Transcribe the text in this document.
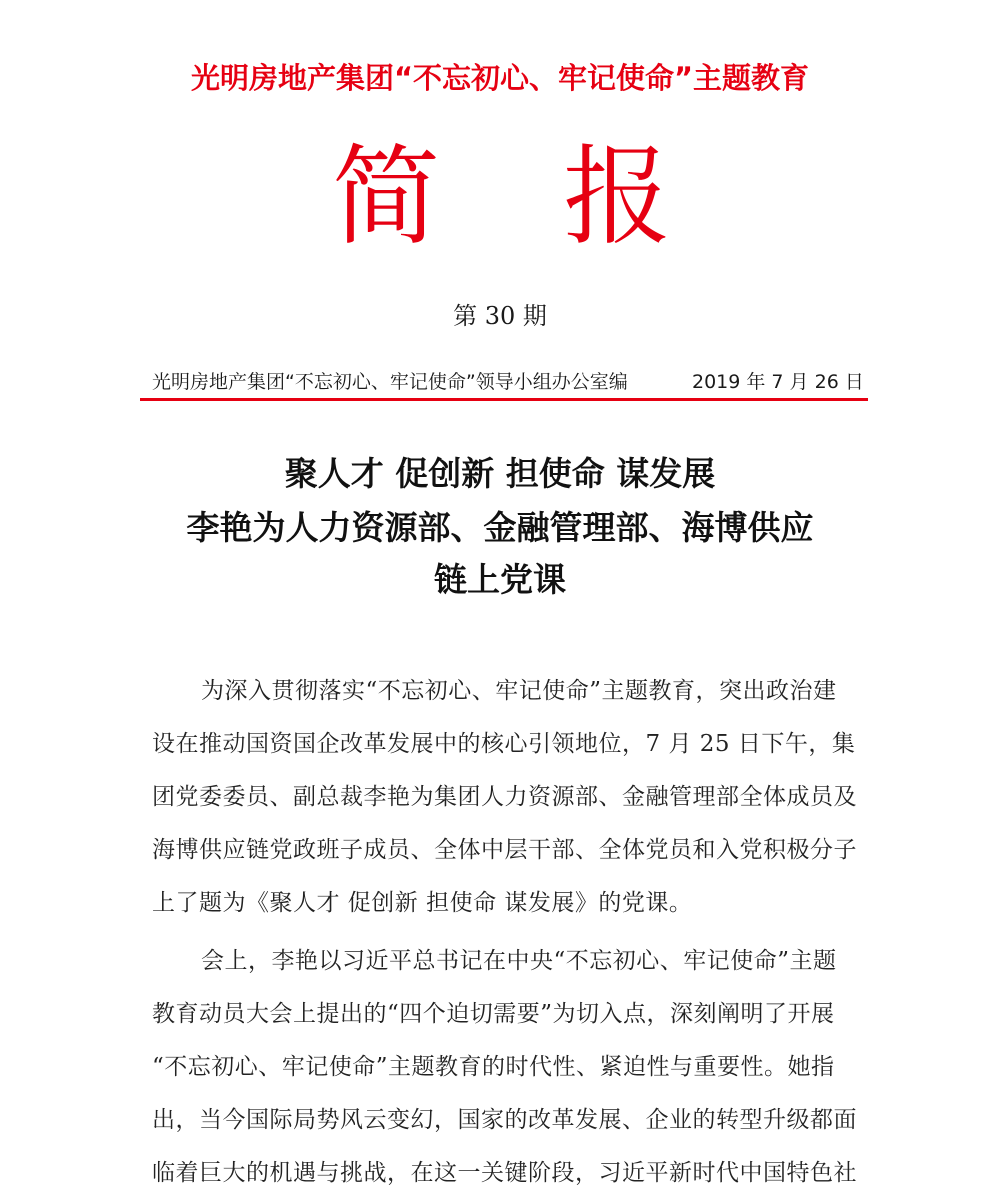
光明房地产集团“不忘初心、牢记使命”主题教育
简 报
第 30 期
光明房地产集团“不忘初心、牢记使命”领导小组办公室编	2019 年 7 月 26 日
聚人才 促创新 担使命 谋发展
李艳为人力资源部、金融管理部、海博供应
链上党课
为深入贯彻落实“不忘初心、牢记使命”主题教育，突出政治建
设在推动国资国企改革发展中的核心引领地位，7 月 25 日下午，集
团党委委员、副总裁李艳为集团人力资源部、金融管理部全体成员及
海博供应链党政班子成员、全体中层干部、全体党员和入党积极分子
上了题为《聚人才 促创新 担使命 谋发展》的党课。
会上，李艳以习近平总书记在中央“不忘初心、牢记使命”主题
教育动员大会上提出的“四个迫切需要”为切入点，深刻阐明了开展
“不忘初心、牢记使命”主题教育的时代性、紧迫性与重要性。她指
出，当今国际局势风云变幻，国家的改革发展、企业的转型升级都面
临着巨大的机遇与挑战，在这一关键阶段，习近平新时代中国特色社
